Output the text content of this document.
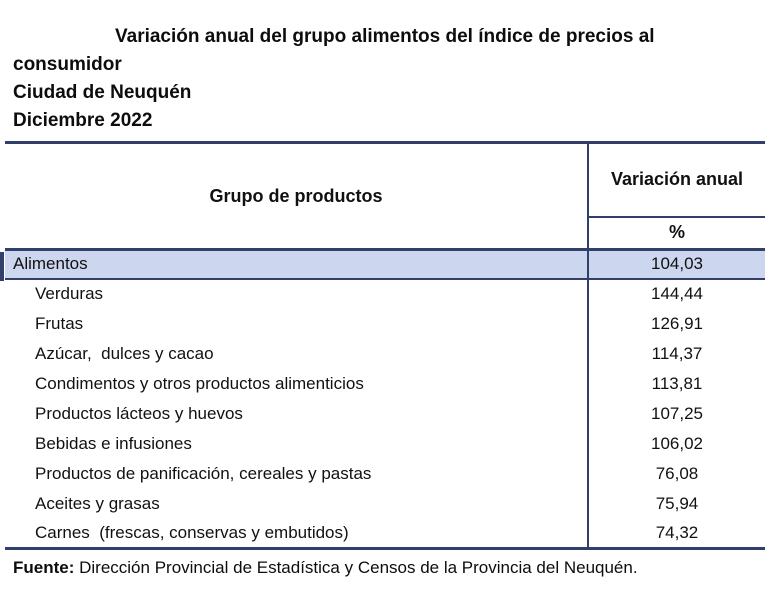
Variación anual del grupo alimentos del índice de precios al
consumidor
Ciudad de Neuquén
Diciembre 2022
Grupo de productos	Variación anual
	%
Alimentos	104,03
Verduras	144,44
Frutas	126,91
Azúcar,  dulces y cacao	114,37
Condimentos y otros productos alimenticios	113,81
Productos lácteos y huevos	107,25
Bebidas e infusiones	106,02
Productos de panificación, cereales y pastas	76,08
Aceites y grasas	75,94
Carnes  (frescas, conservas y embutidos)	74,32
Fuente: Dirección Provincial de Estadística y Censos de la Provincia del Neuquén.
